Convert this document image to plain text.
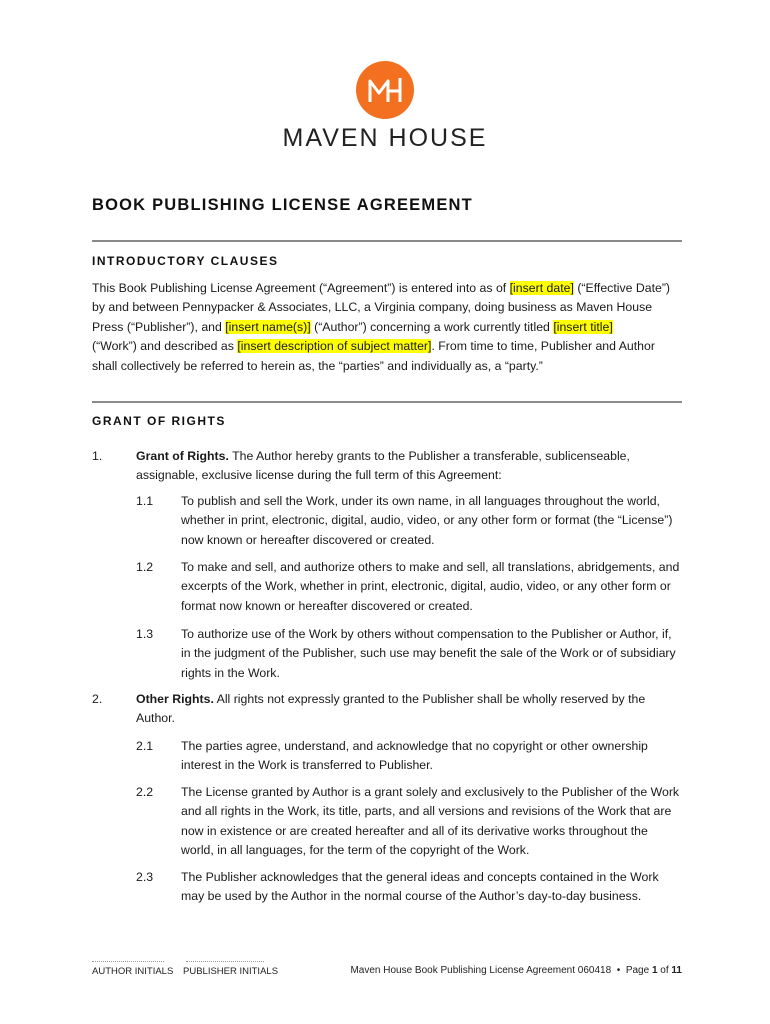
MAVEN HOUSE
BOOK PUBLISHING LICENSE AGREEMENT
INTRODUCTORY CLAUSES
This Book Publishing License Agreement (“Agreement”) is entered into as of [insert date] (“Effective Date”) by and between Pennypacker & Associates, LLC, a Virginia company, doing business as Maven House Press (“Publisher”), and [insert name(s)] (“Author”) concerning a work currently titled [insert title]
(“Work”) and described as [insert description of subject matter]. From time to time, Publisher and Author shall collectively be referred to herein as, the “parties” and individually as, a “party.”
GRANT OF RIGHTS
1.	Grant of Rights. The Author hereby grants to the Publisher a transferable, sublicenseable, assignable, exclusive license during the full term of this Agreement:
1.1 To publish and sell the Work, under its own name, in all languages throughout the world, whether in print, electronic, digital, audio, video, or any other form or format (the “License”) now known or hereafter discovered or created.
1.2 To make and sell, and authorize others to make and sell, all translations, abridgements, and excerpts of the Work, whether in print, electronic, digital, audio, video, or any other form or format now known or hereafter discovered or created.
1.3 To authorize use of the Work by others without compensation to the Publisher or Author, if, in the judgment of the Publisher, such use may benefit the sale of the Work or of subsidiary rights in the Work.
2.	Other Rights. All rights not expressly granted to the Publisher shall be wholly reserved by the Author.
2.1 The parties agree, understand, and acknowledge that no copyright or other ownership interest in the Work is transferred to Publisher.
2.2 The License granted by Author is a grant solely and exclusively to the Publisher of the Work and all rights in the Work, its title, parts, and all versions and revisions of the Work that are now in existence or are created hereafter and all of its derivative works throughout the world, in all languages, for the term of the copyright of the Work.
2.3 The Publisher acknowledges that the general ideas and concepts contained in the Work may be used by the Author in the normal course of the Author’s day-to-day business.
AUTHOR INITIALS PUBLISHER INITIALS	Maven House Book Publishing License Agreement 060418 • Page 1 of 11
